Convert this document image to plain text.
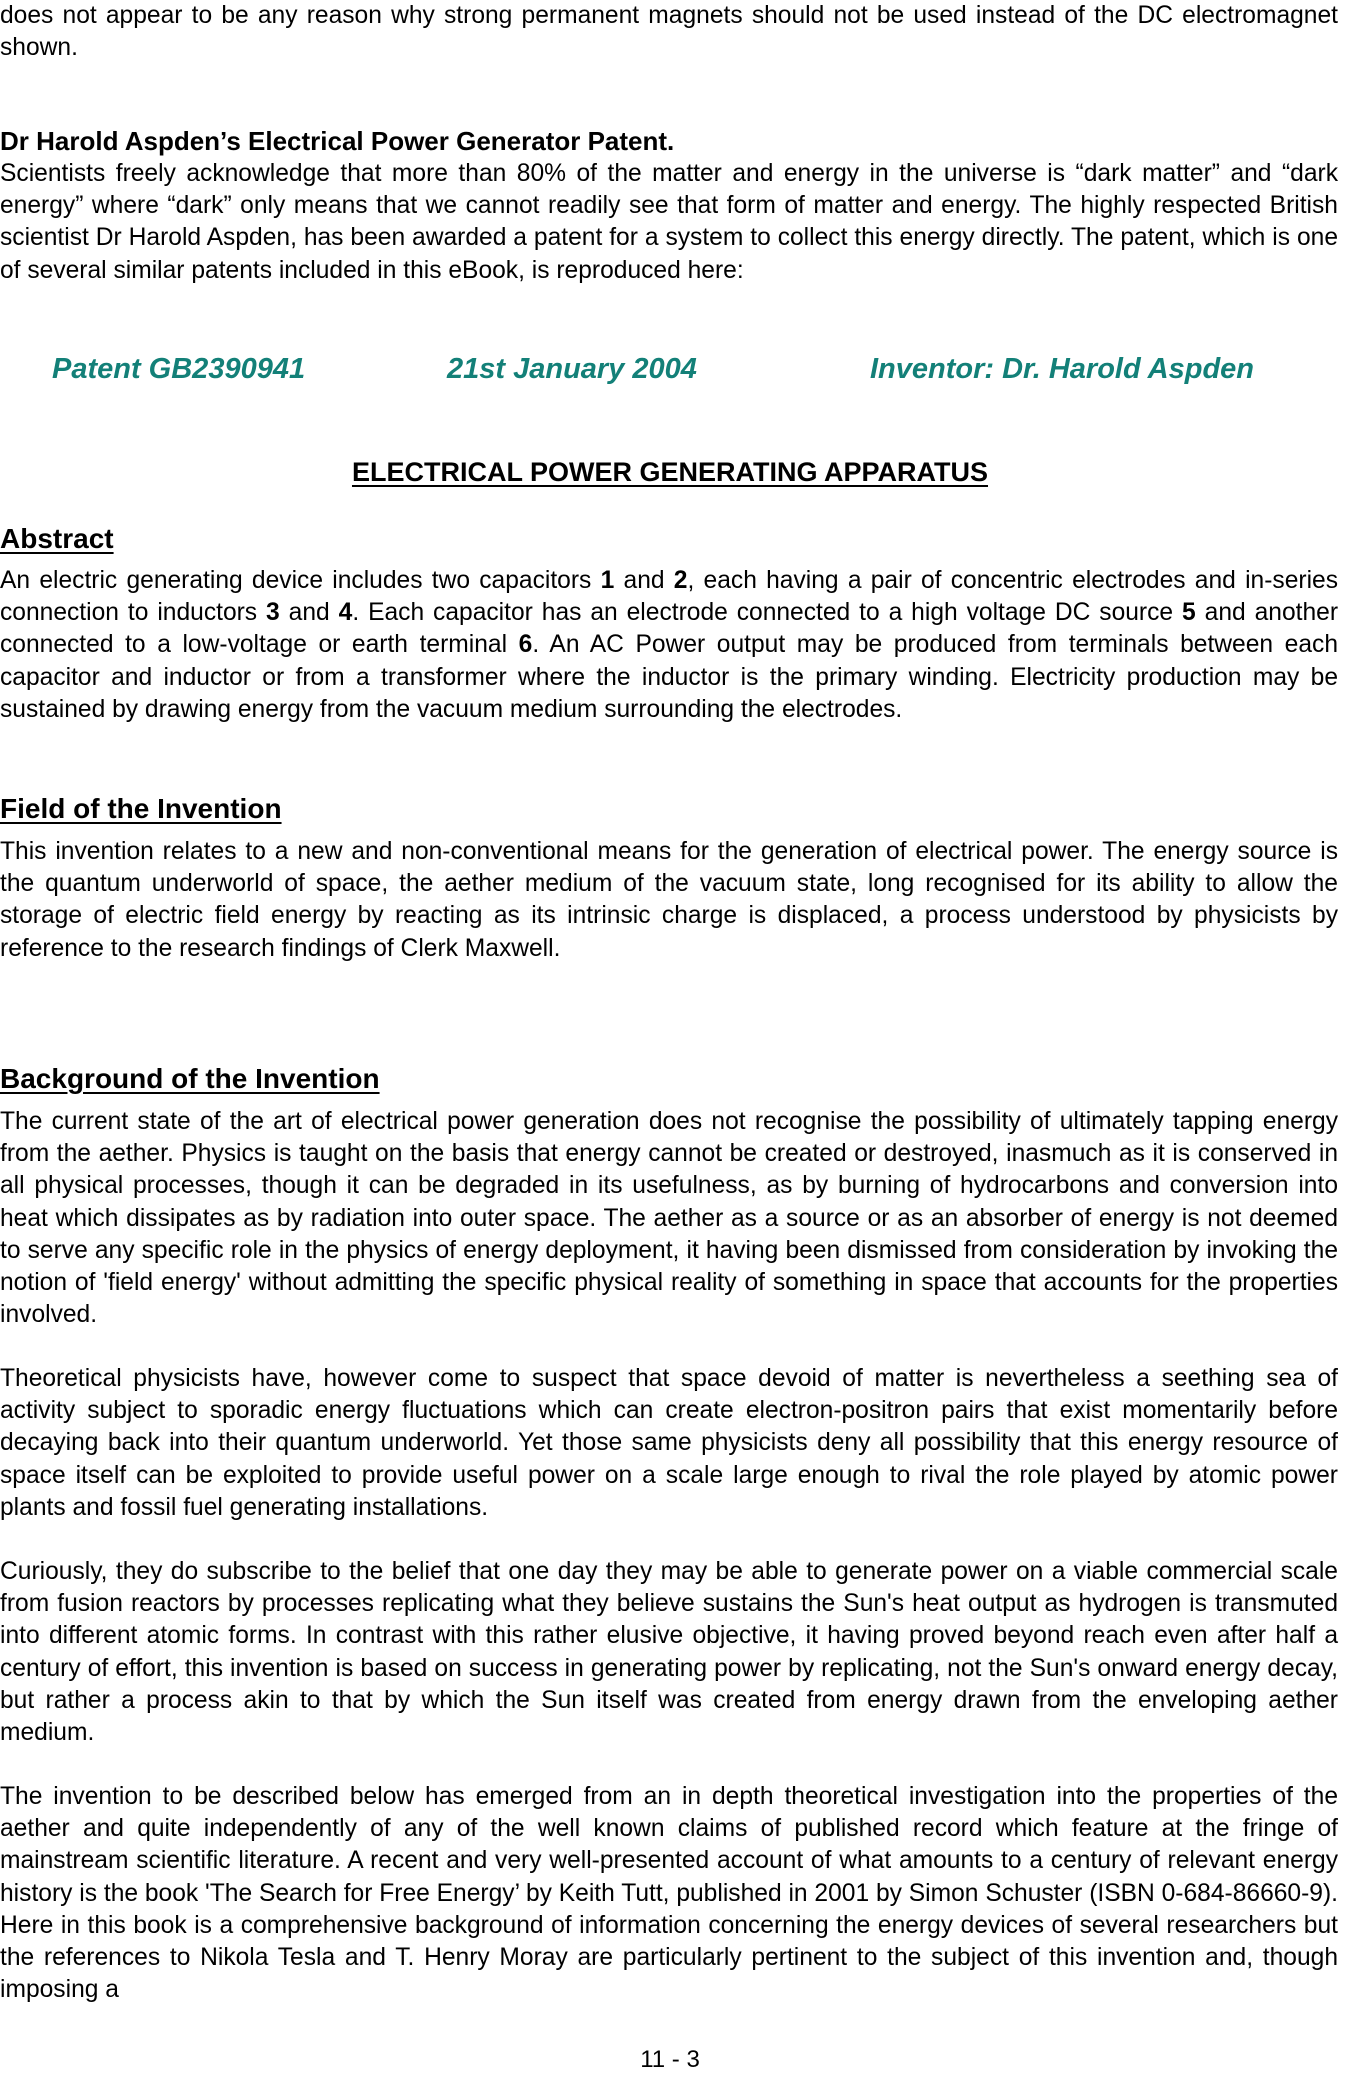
does not appear to be any reason why strong permanent magnets should not be used instead of the DC electromagnet shown.

Dr Harold Aspden’s Electrical Power Generator Patent.

Scientists freely acknowledge that more than 80% of the matter and energy in the universe is “dark matter” and “dark energy” where “dark” only means that we cannot readily see that form of matter and energy. The highly respected British scientist Dr Harold Aspden, has been awarded a patent for a system to collect this energy directly. The patent, which is one of several similar patents included in this eBook, is reproduced here:

Patent GB2390941	21st January 2004	Inventor: Dr. Harold Aspden
ELECTRICAL POWER GENERATING APPARATUS
Abstract

An electric generating device includes two capacitors 1 and 2, each having a pair of concentric electrodes and in-series connection to inductors 3 and 4. Each capacitor has an electrode connected to a high voltage DC source 5 and another connected to a low-voltage or earth terminal 6. An AC Power output may be produced from terminals between each capacitor and inductor or from a transformer where the inductor is the primary winding. Electricity production may be sustained by drawing energy from the vacuum medium surrounding the electrodes.

Field of the Invention

This invention relates to a new and non-conventional means for the generation of electrical power. The energy source is the quantum underworld of space, the aether medium of the vacuum state, long recognised for its ability to allow the storage of electric field energy by reacting as its intrinsic charge is displaced, a process understood by physicists by reference to the research findings of Clerk Maxwell.

Background of the Invention

The current state of the art of electrical power generation does not recognise the possibility of ultimately tapping energy from the aether. Physics is taught on the basis that energy cannot be created or destroyed, inasmuch as it is conserved in all physical processes, though it can be degraded in its usefulness, as by burning of hydrocarbons and conversion into heat which dissipates as by radiation into outer space. The aether as a source or as an absorber of energy is not deemed to serve any specific role in the physics of energy deployment, it having been dismissed from consideration by invoking the notion of 'field energy' without admitting the specific physical reality of something in space that accounts for the properties involved.

Theoretical physicists have, however come to suspect that space devoid of matter is nevertheless a seething sea of activity subject to sporadic energy fluctuations which can create electron-positron pairs that exist momentarily before decaying back into their quantum underworld. Yet those same physicists deny all possibility that this energy resource of space itself can be exploited to provide useful power on a scale large enough to rival the role played by atomic power plants and fossil fuel generating installations.

Curiously, they do subscribe to the belief that one day they may be able to generate power on a viable commercial scale from fusion reactors by processes replicating what they believe sustains the Sun's heat output as hydrogen is transmuted into different atomic forms. In contrast with this rather elusive objective, it having proved beyond reach even after half a century of effort, this invention is based on success in generating power by replicating, not the Sun's onward energy decay, but rather a process akin to that by which the Sun itself was created from energy drawn from the enveloping aether medium.

The invention to be described below has emerged from an in depth theoretical investigation into the properties of the aether and quite independently of any of the well known claims of published record which feature at the fringe of mainstream scientific literature. A recent and very well-presented account of what amounts to a century of relevant energy history is the book 'The Search for Free Energy’ by Keith Tutt, published in 2001 by Simon Schuster (ISBN 0-684-86660-9). Here in this book is a comprehensive background of information concerning the energy devices of several researchers but the references to Nikola Tesla and T. Henry Moray are particularly pertinent to the subject of this invention and, though imposing a

11 - 3
